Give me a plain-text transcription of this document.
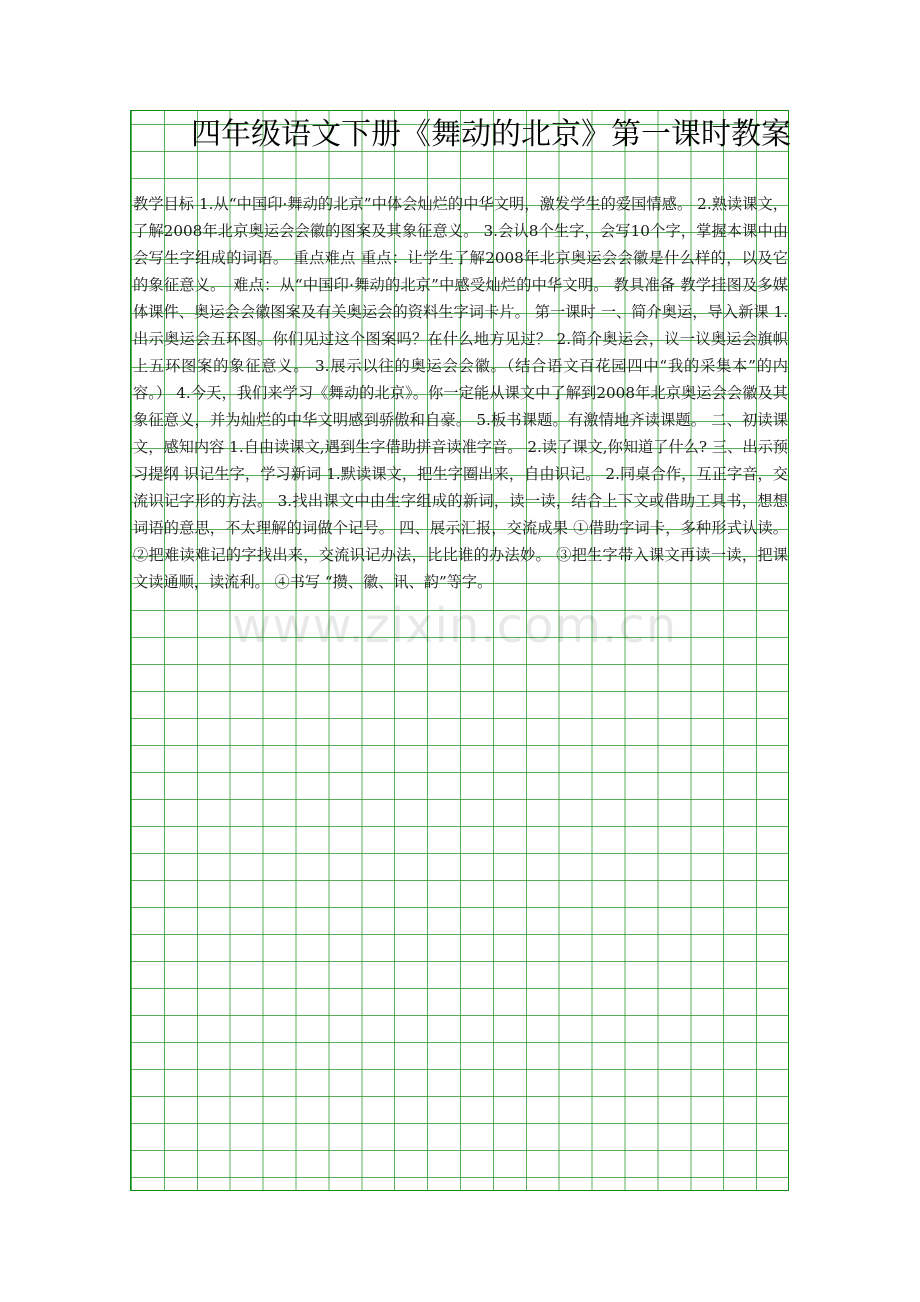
四年级语文下册《舞动的北京》第一课时教案

教学目标 1.从“中国印·舞动的北京”中体会灿烂的中华文明，激发学生的爱国情感。 2.熟读课文，了解2008年北京奥运会会徽的图案及其象征意义。 3.会认8个生字，会写10个字，掌握本课中由会写生字组成的词语。 重点难点 重点：让学生了解2008年北京奥运会会徽是什么样的，以及它的象征意义。　难点：从“中国印·舞动的北京”中感受灿烂的中华文明。 教具准备 教学挂图及多媒体课件、奥运会会徽图案及有关奥运会的资料生字词卡片。 第一课时 一、简介奥运，导入新课 1.出示奥运会五环图。你们见过这个图案吗？在什么地方见过？ 2.简介奥运会，议一议奥运会旗帜上五环图案的象征意义。 3.展示以往的奥运会会徽。（结合语文百花园四中“我的采集本”的内容。） 4.今天，我们来学习《舞动的北京》。你一定能从课文中了解到2008年北京奥运会会徽及其象征意义，并为灿烂的中华文明感到骄傲和自豪。 5.板书课题。有激情地齐读课题。 二、初读课文，感知内容 1.自由读课文,遇到生字借助拼音读准字音。 2.读了课文,你知道了什么? 三、出示预习提纲 识记生字，学习新词 1.默读课文，把生字圈出来，自由识记。 2.同桌合作，互正字音，交流识记字形的方法。 3.找出课文中由生字组成的新词，读一读，结合上下文或借助工具书，想想词语的意思，不太理解的词做个记号。 四、展示汇报，交流成果 ①借助字词卡，多种形式认读。 ②把难读难记的字找出来，交流识记办法，比比谁的办法妙。 ③把生字带入课文再读一读，把课文读通顺，读流利。 ④书写 “攒、徽、讯、韵”等字。
